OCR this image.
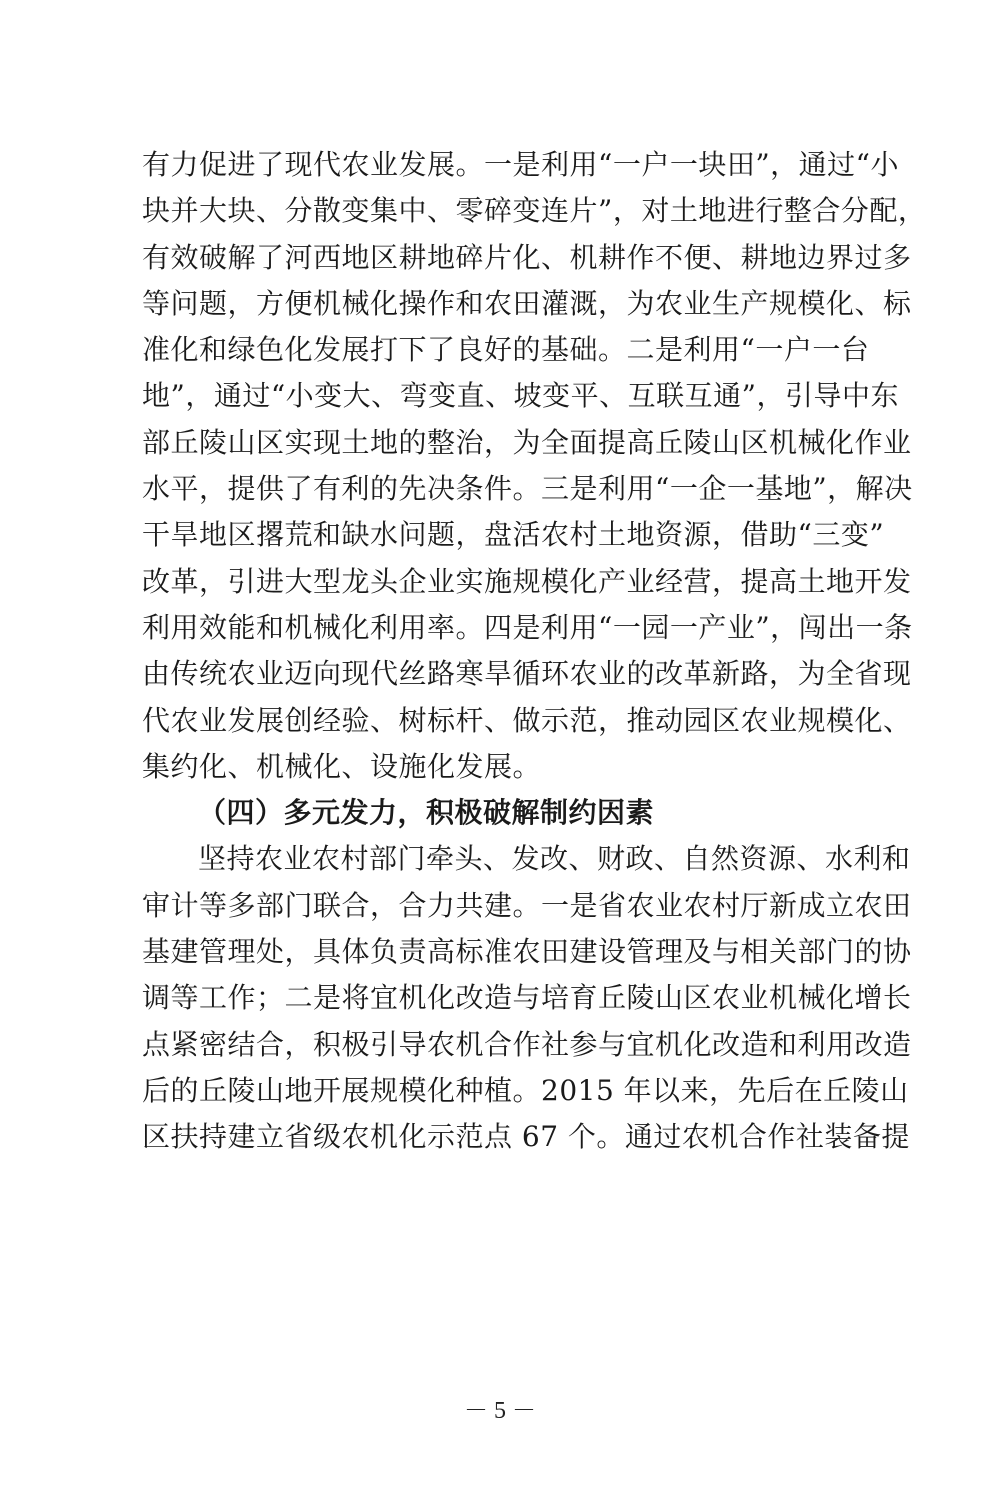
有力促进了现代农业发展。一是利用“一户一块田”，通过“小
块并大块、分散变集中、零碎变连片”，对土地进行整合分配，
有效破解了河西地区耕地碎片化、机耕作不便、耕地边界过多
等问题，方便机械化操作和农田灌溉，为农业生产规模化、标
准化和绿色化发展打下了良好的基础。二是利用“一户一台
地”，通过“小变大、弯变直、坡变平、互联互通”，引导中东
部丘陵山区实现土地的整治，为全面提高丘陵山区机械化作业
水平，提供了有利的先决条件。三是利用“一企一基地”，解决
干旱地区撂荒和缺水问题，盘活农村土地资源，借助“三变”
改革，引进大型龙头企业实施规模化产业经营，提高土地开发
利用效能和机械化利用率。四是利用“一园一产业”，闯出一条
由传统农业迈向现代丝路寒旱循环农业的改革新路，为全省现
代农业发展创经验、树标杆、做示范，推动园区农业规模化、
集约化、机械化、设施化发展。
（四）多元发力，积极破解制约因素
坚持农业农村部门牵头、发改、财政、自然资源、水利和
审计等多部门联合，合力共建。一是省农业农村厅新成立农田
基建管理处，具体负责高标准农田建设管理及与相关部门的协
调等工作；二是将宜机化改造与培育丘陵山区农业机械化增长
点紧密结合，积极引导农机合作社参与宜机化改造和利用改造
后的丘陵山地开展规模化种植。2015 年以来，先后在丘陵山
区扶持建立省级农机化示范点 67 个。通过农机合作社装备提
－ 5 －
